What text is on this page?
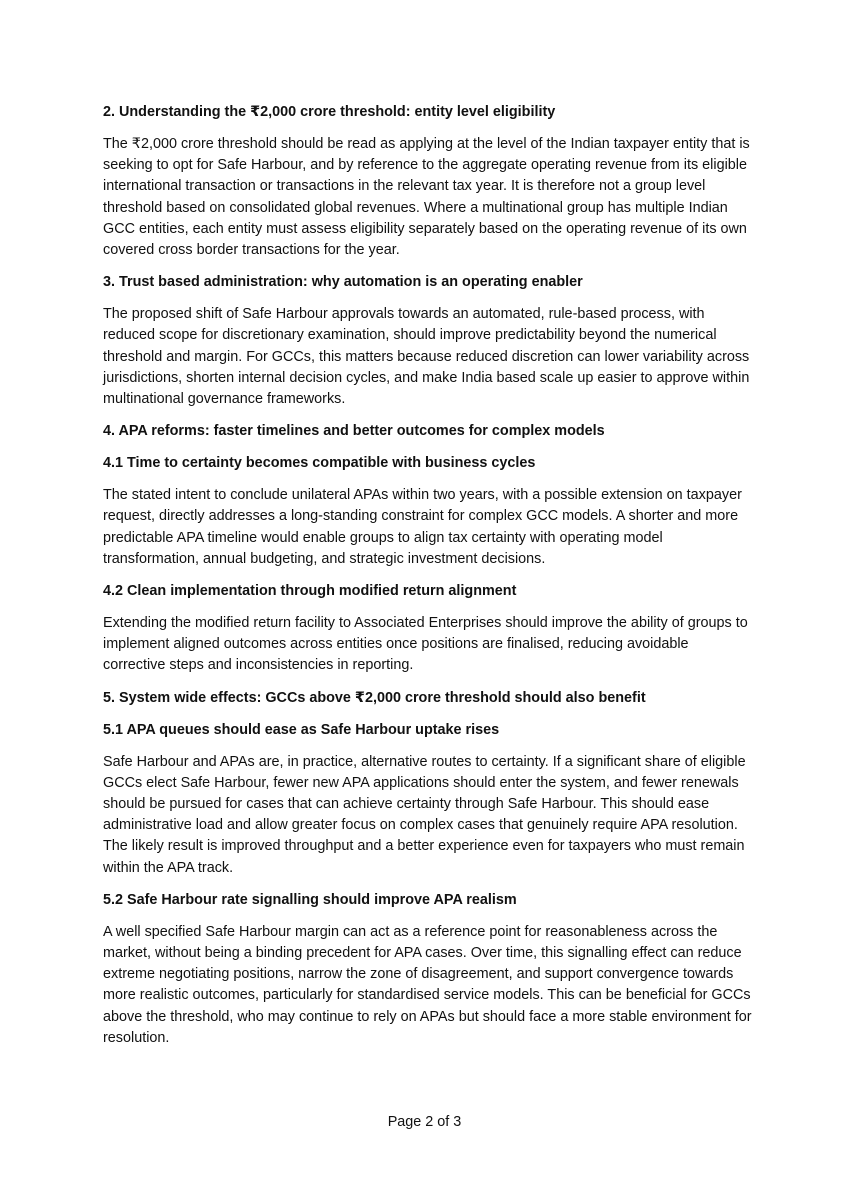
2. Understanding the ₹2,000 crore threshold: entity level eligibility
The ₹2,000 crore threshold should be read as applying at the level of the Indian taxpayer entity that is seeking to opt for Safe Harbour, and by reference to the aggregate operating revenue from its eligible international transaction or transactions in the relevant tax year. It is therefore not a group level threshold based on consolidated global revenues. Where a multinational group has multiple Indian GCC entities, each entity must assess eligibility separately based on the operating revenue of its own covered cross border transactions for the year.
3. Trust based administration: why automation is an operating enabler
The proposed shift of Safe Harbour approvals towards an automated, rule-based process, with reduced scope for discretionary examination, should improve predictability beyond the numerical threshold and margin. For GCCs, this matters because reduced discretion can lower variability across jurisdictions, shorten internal decision cycles, and make India based scale up easier to approve within multinational governance frameworks.
4. APA reforms: faster timelines and better outcomes for complex models
4.1 Time to certainty becomes compatible with business cycles
The stated intent to conclude unilateral APAs within two years, with a possible extension on taxpayer request, directly addresses a long-standing constraint for complex GCC models. A shorter and more predictable APA timeline would enable groups to align tax certainty with operating model transformation, annual budgeting, and strategic investment decisions.
4.2 Clean implementation through modified return alignment
Extending the modified return facility to Associated Enterprises should improve the ability of groups to implement aligned outcomes across entities once positions are finalised, reducing avoidable corrective steps and inconsistencies in reporting.
5. System wide effects: GCCs above ₹2,000 crore threshold should also benefit
5.1 APA queues should ease as Safe Harbour uptake rises
Safe Harbour and APAs are, in practice, alternative routes to certainty. If a significant share of eligible GCCs elect Safe Harbour, fewer new APA applications should enter the system, and fewer renewals should be pursued for cases that can achieve certainty through Safe Harbour. This should ease administrative load and allow greater focus on complex cases that genuinely require APA resolution. The likely result is improved throughput and a better experience even for taxpayers who must remain within the APA track.
5.2 Safe Harbour rate signalling should improve APA realism
A well specified Safe Harbour margin can act as a reference point for reasonableness across the market, without being a binding precedent for APA cases. Over time, this signalling effect can reduce extreme negotiating positions, narrow the zone of disagreement, and support convergence towards more realistic outcomes, particularly for standardised service models. This can be beneficial for GCCs above the threshold, who may continue to rely on APAs but should face a more stable environment for resolution.
Page 2 of 3
